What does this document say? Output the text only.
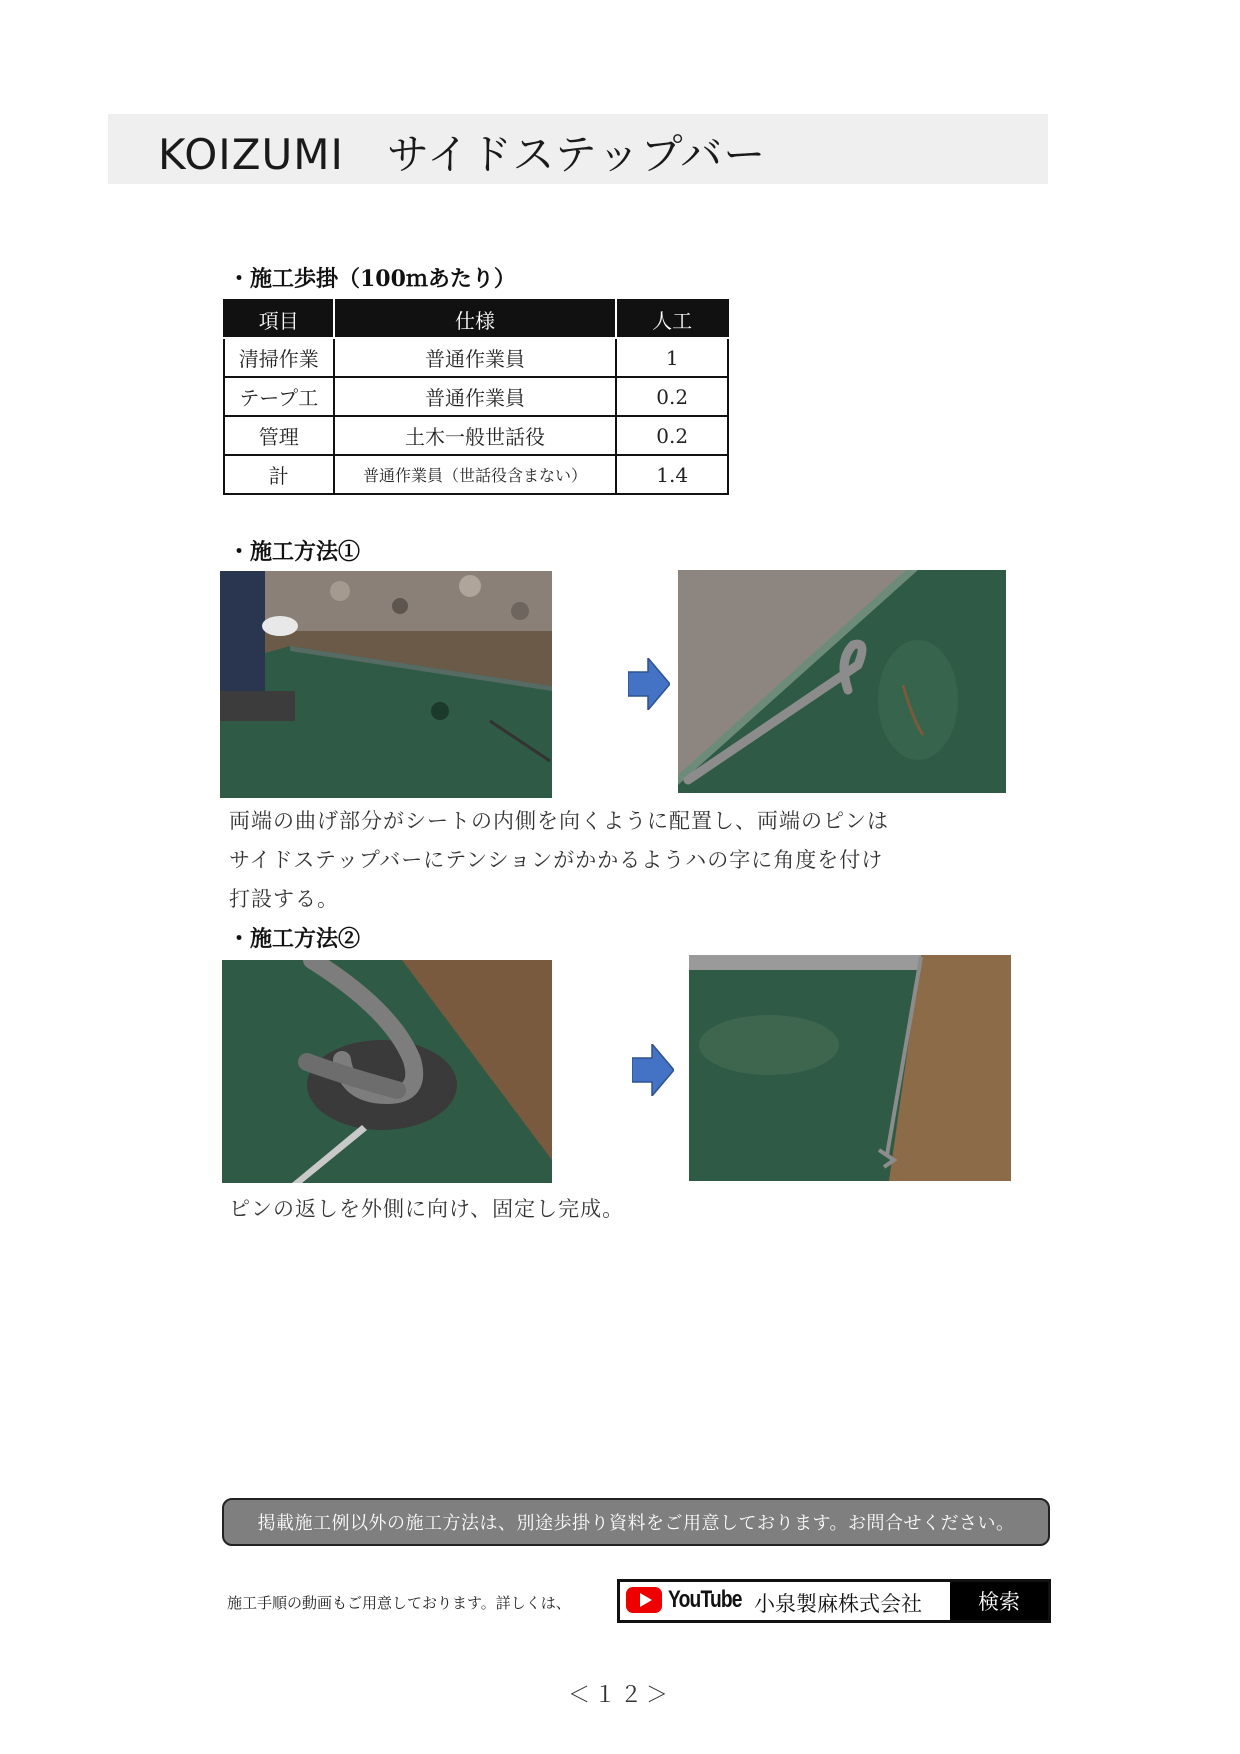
KOIZUMI　サイドステップバー
・施工歩掛（100ｍあたり）
項目	仕様	人工
清掃作業	普通作業員	1
テープ工	普通作業員	0.2
管理	土木一般世話役	0.2
計	普通作業員（世話役含まない）	1.4
・施工方法①
両端の曲げ部分がシートの内側を向くように配置し、両端のピンは
サイドステップバーにテンションがかかるようハの字に角度を付け
打設する。
・施工方法②
ピンの返しを外側に向け、固定し完成。
掲載施工例以外の施工方法は、別途歩掛り資料をご用意しております。お問合せください。
施工手順の動画もご用意しております。詳しくは、	YouTube 小泉製麻株式会社	検索
＜１２＞
